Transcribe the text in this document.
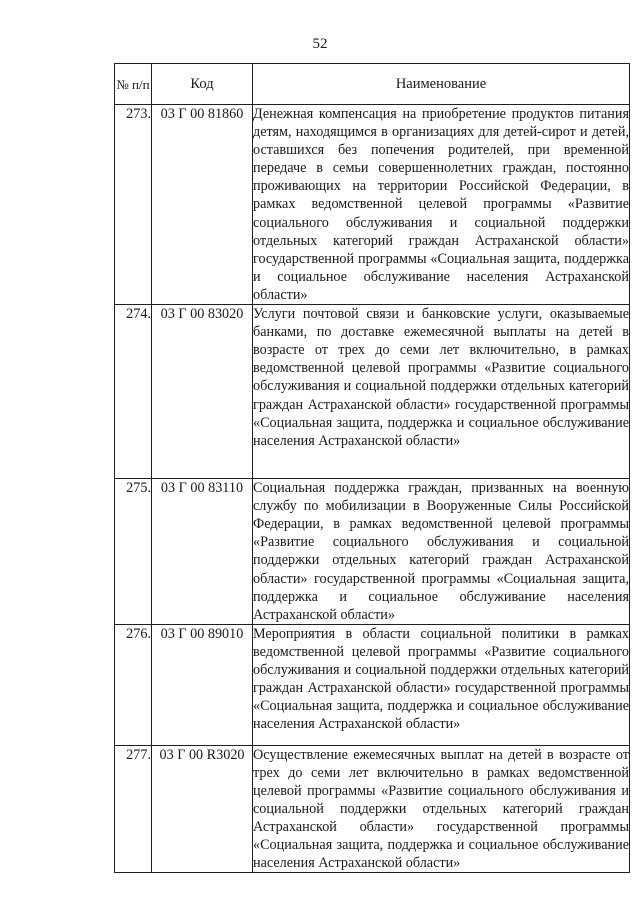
52
№ п/п	Код	Наименование
273.	03 Г 00 81860	Денежная компенсация на приобретение продуктов питания детям, находящимся в организациях для детей-сирот и детей, оставшихся без попечения родителей, при временной передаче в семьи совершеннолетних граждан, постоянно проживающих на территории Российской Федерации, в рамках ведомственной целевой программы «Развитие социального обслуживания и социальной поддержки отдельных категорий граждан Астраханской области» государственной программы «Социальная защита, поддержка и социальное обслуживание населения Астраханской области»
274.	03 Г 00 83020	Услуги почтовой связи и банковские услуги, оказываемые банками, по доставке ежемесячной выплаты на детей в возрасте от трех до семи лет включительно, в рамках ведомственной целевой программы «Развитие социального обслуживания и социальной поддержки отдельных категорий граждан Астраханской области» государственной программы «Социальная защита, поддержка и социальное обслуживание населения Астраханской области»
275.	03 Г 00 83110	Социальная поддержка граждан, призванных на военную службу по мобилизации в Вооруженные Силы Российской Федерации, в рамках ведомственной целевой программы «Развитие социального обслуживания и социальной поддержки отдельных категорий граждан Астраханской области» государственной программы «Социальная защита, поддержка и социальное обслуживание населения Астраханской области»
276.	03 Г 00 89010	Мероприятия в области социальной политики в рамках ведомственной целевой программы «Развитие социального обслуживания и социальной поддержки отдельных категорий граждан Астраханской области» государственной программы «Социальная защита, поддержка и социальное обслуживание населения Астраханской области»
277.	03 Г 00 R3020	Осуществление ежемесячных выплат на детей в возрасте от трех до семи лет включительно в рамках ведомственной целевой программы «Развитие социального обслуживания и социальной поддержки отдельных категорий граждан Астраханской области» государственной программы «Социальная защита, поддержка и социальное обслуживание населения Астраханской области»
